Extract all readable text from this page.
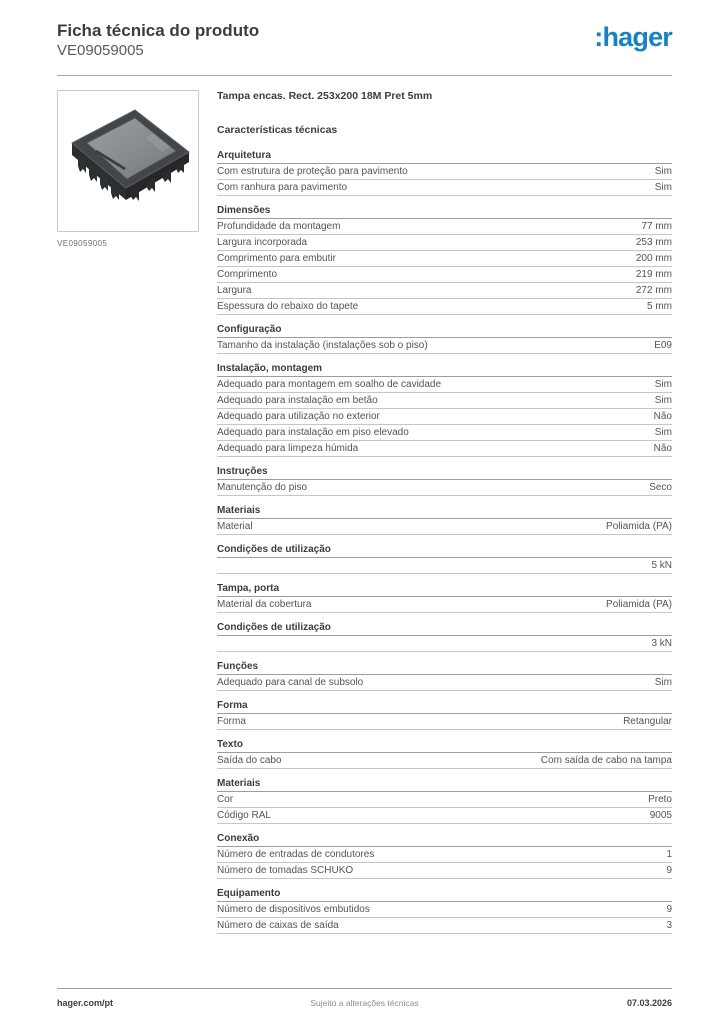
Ficha técnica do produto
VE09059005	:hager
VE09059005
Tampa encas. Rect. 253x200 18M Pret 5mm
Características técnicas
Arquitetura
Com estrutura de proteção para pavimento	Sim
Com ranhura para pavimento	Sim
Dimensões
Profundidade da montagem	77 mm
Largura incorporada	253 mm
Comprimento para embutir	200 mm
Comprimento	219 mm
Largura	272 mm
Espessura do rebaixo do tapete	5 mm
Configuração
Tamanho da instalação (instalações sob o piso)	E09
Instalação, montagem
Adequado para montagem em soalho de cavidade	Sim
Adequado para instalação em betão	Sim
Adequado para utilização no exterior	Não
Adequado para instalação em piso elevado	Sim
Adequado para limpeza húmida	Não
Instruções
Manutenção do piso	Seco
Materiais
Material	Poliamida (PA)
Condições de utilização
5 kN
Tampa, porta
Material da cobertura	Poliamida (PA)
Condições de utilização
3 kN
Funções
Adequado para canal de subsolo	Sim
Forma
Forma	Retangular
Texto
Saída do cabo	Com saída de cabo na tampa
Materiais
Cor	Preto
Código RAL	9005
Conexão
Número de entradas de condutores	1
Número de tomadas SCHUKO	9
Equipamento
Número de dispositivos embutidos	9
Número de caixas de saída	3
hager.com/pt	Sujeito a alterações técnicas	07.03.2026
